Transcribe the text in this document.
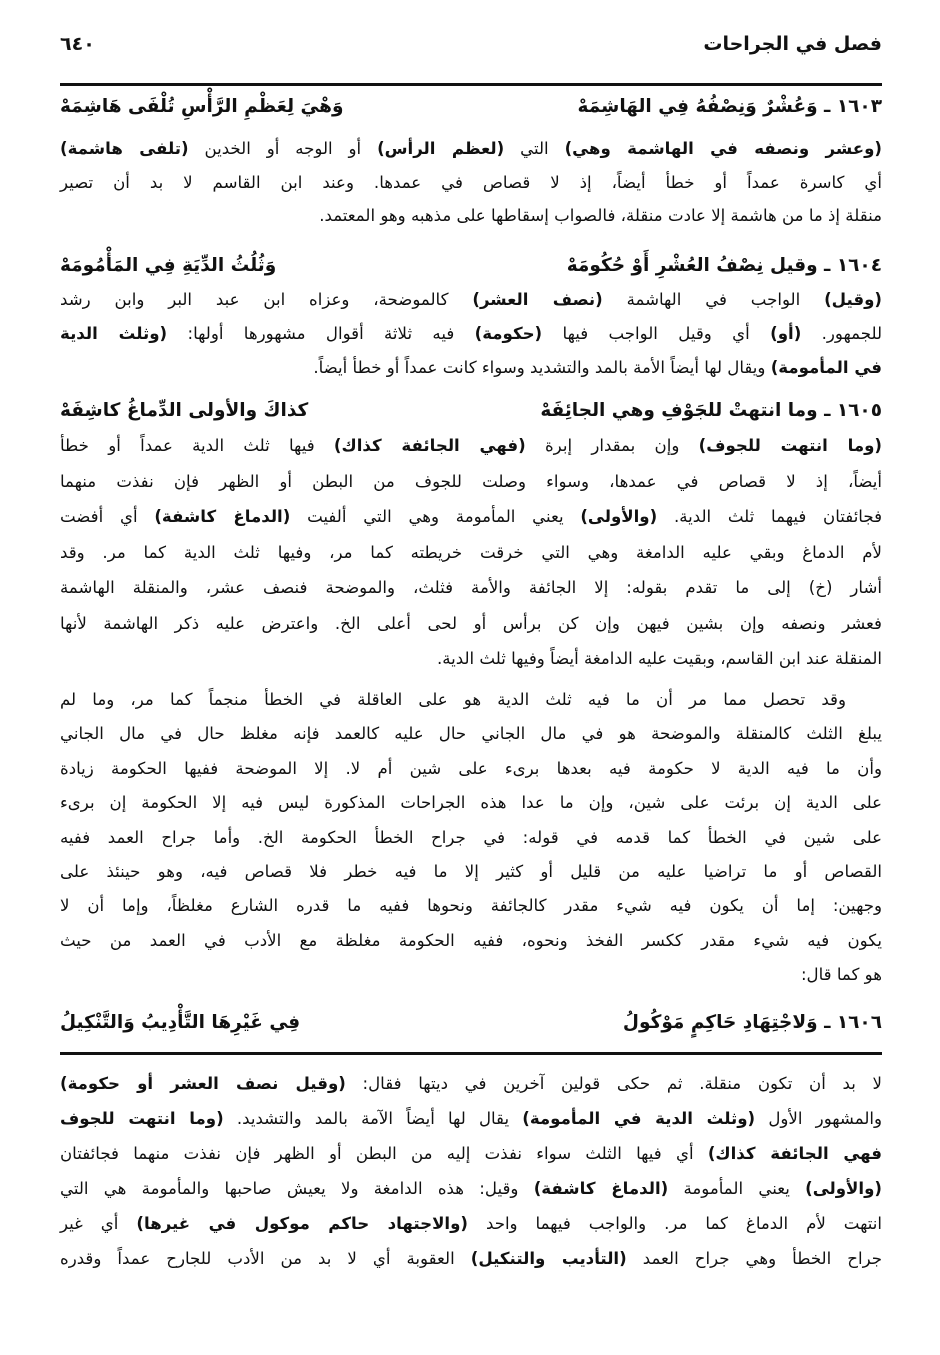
فصل في الجراحات
٦٤٠
١٦٠٣ ـ وَعُشْرٌ وَنِصْفُهُ فِي الهَاشِمَهْ
وَهْيَ لِعَظْمِ الرَّأْسِ تُلْفَى هَاشِمَهْ
(وعشر ونصفه في الهاشمة وهي) التي (لعظم الرأس) أو الوجه أو الخدين (تلفى هاشمة)
أي كاسرة عمداً أو خطأ أيضاً، إذ لا قصاص في عمدها. وعند ابن القاسم لا بد أن تصير
منقلة إذ ما من هاشمة إلا عادت منقلة، فالصواب إسقاطها على مذهبه وهو المعتمد.
١٦٠٤ ـ وقيل نِصْفُ العُشْرِ أَوْ حُكُومَهْ
وَثُلُثُ الدِّيَةِ فِي المَأْمُومَهْ
(وقيل) الواجب في الهاشمة (نصف العشر) كالموضحة، وعزاه ابن عبد البر وابن رشد
للجمهور. (أو) أي وقيل الواجب فيها (حكومة) فيه ثلاثة أقوال مشهورها أولها: (وثلث الدية
في المأمومة) ويقال لها أيضاً الأمة بالمد والتشديد وسواء كانت عمداً أو خطأ أيضاً.
١٦٠٥ ـ وما انتهتْ للجَوْفِ وهي الجائِفَهْ
كذاكَ والأولى الدِّماغُ كاشِفَهْ
(وما انتهت للجوف) وإن بمقدار إبرة (فهي الجائفة كذاك) فيها ثلث الدية عمداً أو خطأ
أيضاً، إذ لا قصاص في عمدها، وسواء وصلت للجوف من البطن أو الظهر فإن نفذت منهما
فجائفتان فيهما ثلث الدية. (والأولى) يعني المأمومة وهي التي ألفيت (الدماغ كاشفة) أي أفضت
لأم الدماغ وبقي عليه الدامغة وهي التي خرقت خريطته كما مر، وفيها ثلث الدية كما مر. وقد
أشار (خ) إلى ما تقدم بقوله: إلا الجائفة والأمة فثلث، والموضحة فنصف عشر، والمنقلة الهاشمة
فعشر ونصفه وإن بشين فيهن وإن كن برأس أو لحى أعلى الخ. واعترض عليه ذكر الهاشمة لأنها
المنقلة عند ابن القاسم، وبقيت عليه الدامغة أيضاً وفيها ثلث الدية.
وقد تحصل مما مر أن ما فيه ثلث الدية هو على العاقلة في الخطأ منجماً كما مر، وما لم
يبلغ الثلث كالمنقلة والموضحة هو في مال الجاني حال عليه كالعمد فإنه مغلظ حال في مال الجاني
وأن ما فيه الدية لا حكومة فيه بعدها برىء على شين أم لا. إلا الموضحة ففيها الحكومة زيادة
على الدية إن برئت على شين، وإن ما عدا هذه الجراحات المذكورة ليس فيه إلا الحكومة إن برىء
على شين في الخطأ كما قدمه في قوله: في جراح الخطأ الحكومة الخ. وأما جراح العمد ففيه
القصاص أو ما تراضيا عليه من قليل أو كثير إلا ما فيه خطر فلا قصاص فيه، وهو حينئذ على
وجهين: إما أن يكون فيه شيء مقدر كالجائفة ونحوها ففيه ما قدره الشارع مغلظاً، وإما أن لا
يكون فيه شيء مقدر ككسر الفخذ ونحوه، ففيه الحكومة مغلظة مع الأدب في العمد من حيث
هو كما قال:
١٦٠٦ ـ وَلاجْتِهَادِ حَاكِمٍ مَوْكُولُ
فِي غَيْرِهَا التَّأْدِيبُ وَالتَّنْكِيلُ
لا بد أن تكون منقلة. ثم حكى قولين آخرين في ديتها فقال: (وقيل نصف العشر أو حكومة)
والمشهور الأول (وثلث الدية في المأمومة) يقال لها أيضاً الآمة بالمد والتشديد. (وما انتهت للجوف
فهي الجائفة كذاك) أي فيها الثلث سواء نفذت إليه من البطن أو الظهر فإن نفذت منهما فجائفتان
(والأولى) يعني المأمومة (الدماغ كاشفة) وقيل: هذه الدامغة ولا يعيش صاحبها والمأمومة هي التي
انتهت لأم الدماغ كما مر. والواجب فيهما واحد (والاجتهاد حاكم موكول في غيرها) أي غير
جراح الخطأ وهي جراح العمد (التأديب والتنكيل) العقوبة أي لا بد من الأدب للجارح عمداً وقدره
